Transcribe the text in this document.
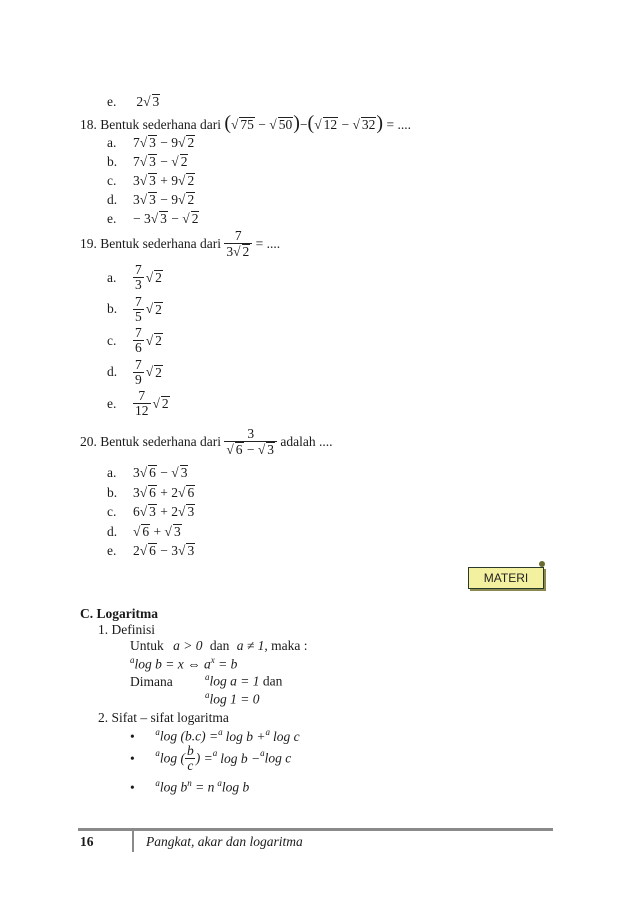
e. 2√ 3
18. Bentuk sederhana dari (√ 75 − √ 50)−(√ 12 − √ 32) = ....
a. 7√ 3 − 9√ 2
b. 7√ 3 − √ 2
c. 3√ 3 + 9√ 2
d. 3√ 3 − 9√ 2
e. − 3√ 3 − √ 2
19. Bentuk sederhana dari $\frac{7}{3√ 2}$ = ....
a. $\frac{7}{3}$ √ 2
b. $\frac{7}{5}$ √ 2
c. $\frac{7}{6}$ √ 2
d. $\frac{7}{9}$ √ 2
e. $\frac{7}{12}$ √ 2
20. Bentuk sederhana dari $\frac{3}{√ 6 - √ 3}$ adalah ....
a. 3√ 6 − √ 3
b. 3√ 6 + 2√ 6
c. 6√ 3 + 2√ 3
d. √ 6 + √ 3
e. 2√ 6 − 3√ 3
MATERI
C. Logaritma
1. Definisi
Untuk a > 0 dan a ≠ 1, maka :
$^a$log b = x ⇔ $a^x = b$
Dimana	$^a$log a = 1 dan
$^a$log 1 = 0
2. Sifat – sifat logaritma
• $^a$log (b.c) =$^a$ log b +$^a$ log c
• $^a$log ( $\frac{b}{c}$ ) =$^a$ log b −$^a$log c
• $^a$log $b^n = n$ $^a$log b
16	Pangkat, akar dan logaritma
